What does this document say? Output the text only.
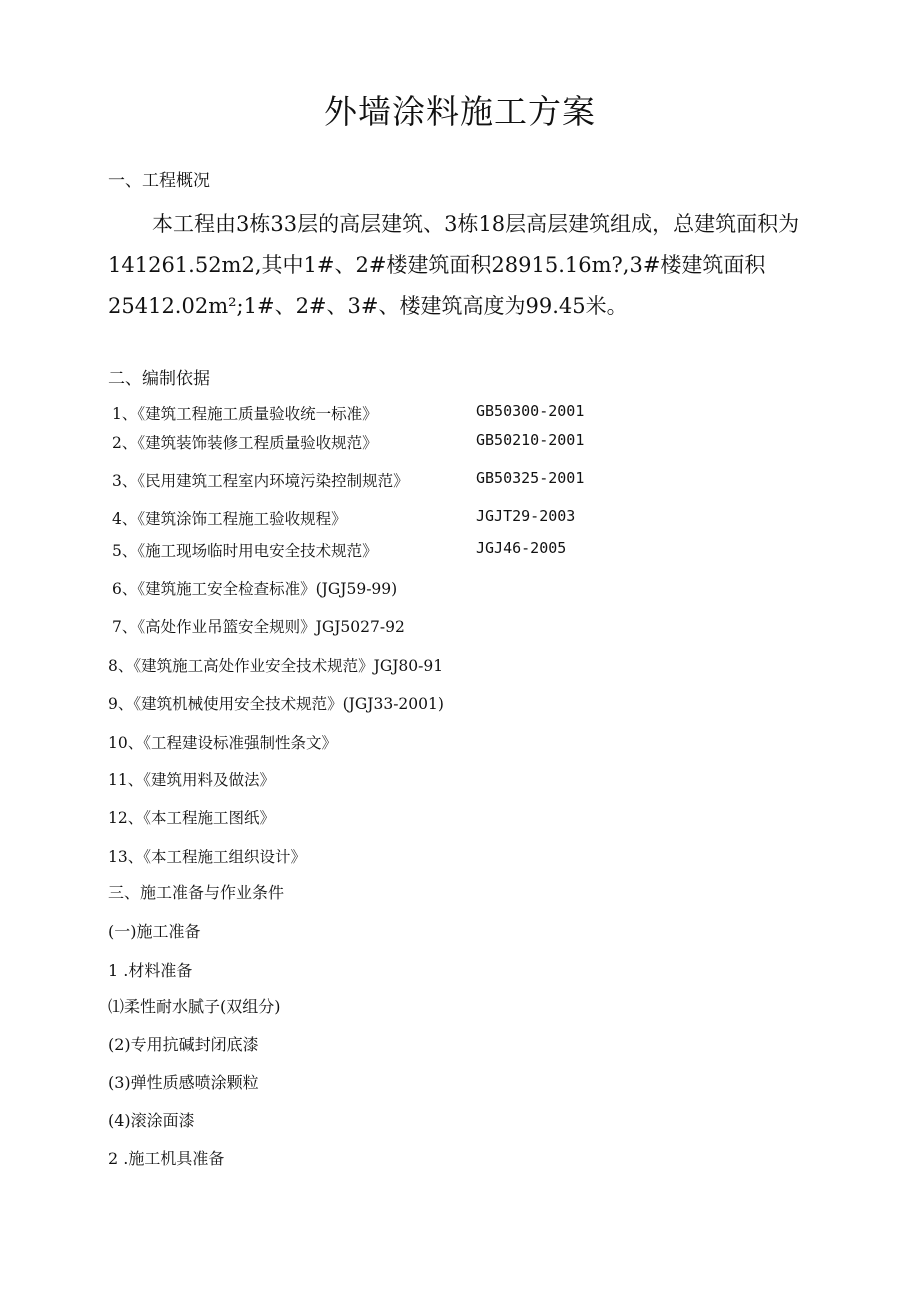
外墙涂料施工方案
一、工程概况
本工程由3栋33层的高层建筑、3栋18层高层建筑组成，总建筑面积为141261.52m2,其中1#、2#楼建筑面积28915.16m?,3#楼建筑面积25412.02m²;1#、2#、3#、楼建筑高度为99.45米。
二、编制依据
1、《建筑工程施工质量验收统一标准》	GB50300-2001
2、《建筑装饰装修工程质量验收规范》	GB50210-2001
3、《民用建筑工程室内环境污染控制规范》	GB50325-2001
4、《建筑涂饰工程施工验收规程》	JGJT29-2003
5、《施工现场临时用电安全技术规范》	JGJ46-2005
6、《建筑施工安全检查标准》(JGJ59-99)
7、《高处作业吊篮安全规则》JGJ5027-92
8、《建筑施工高处作业安全技术规范》JGJ80-91
9、《建筑机械使用安全技术规范》(JGJ33-2001)
10、《工程建设标准强制性条文》
11、《建筑用料及做法》
12、《本工程施工图纸》
13、《本工程施工组织设计》
三、施工准备与作业条件
(一)施工准备
1 .材料准备
⑴柔性耐水腻子(双组分)
(2)专用抗碱封闭底漆
(3)弹性质感喷涂颗粒
(4)滚涂面漆
2 .施工机具准备
